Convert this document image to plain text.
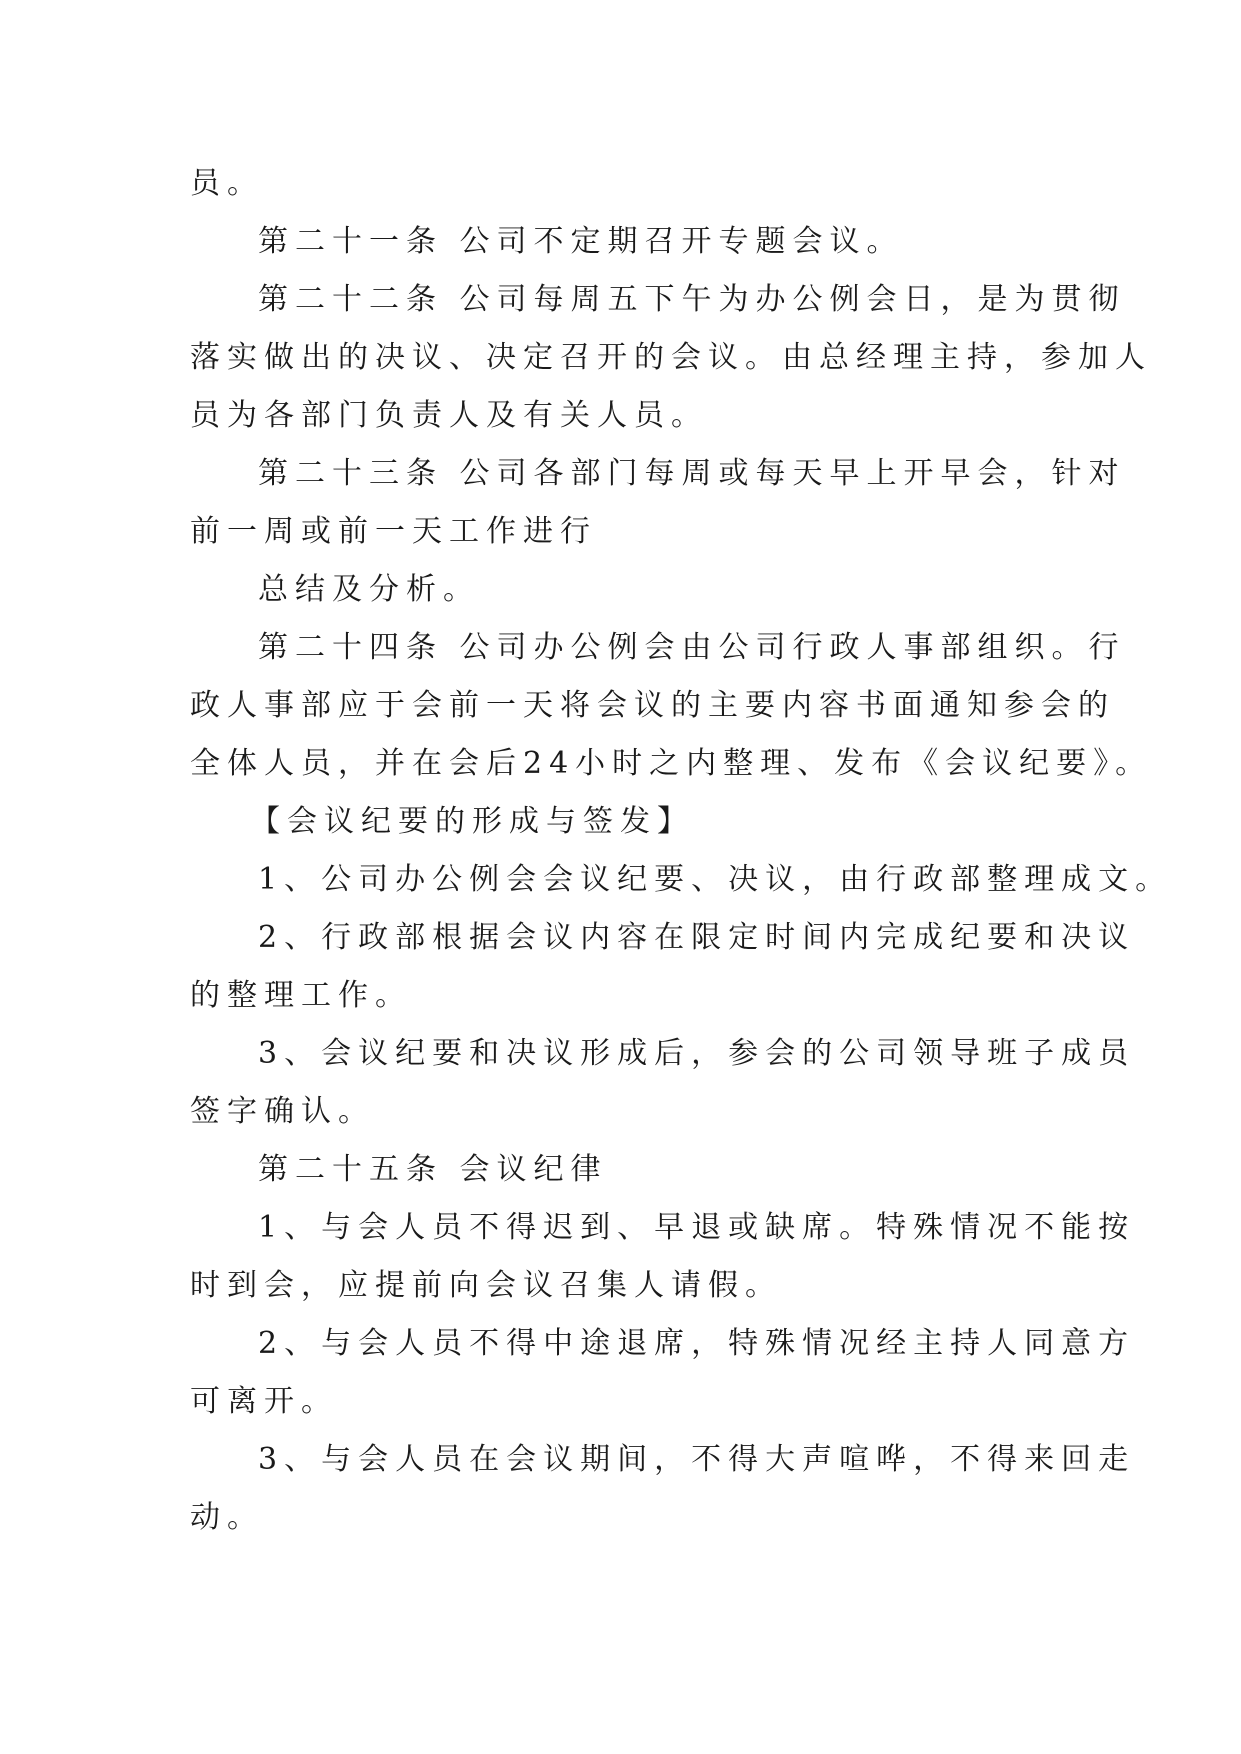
员。
第二十一条 公司不定期召开专题会议。
第二十二条 公司每周五下午为办公例会日，是为贯彻
落实做出的决议、决定召开的会议。由总经理主持，参加人
员为各部门负责人及有关人员。
第二十三条 公司各部门每周或每天早上开早会，针对
前一周或前一天工作进行
总结及分析。
第二十四条 公司办公例会由公司行政人事部组织。行
政人事部应于会前一天将会议的主要内容书面通知参会的
全体人员，并在会后24小时之内整理、发布《会议纪要》。
【会议纪要的形成与签发】
1、公司办公例会会议纪要、决议，由行政部整理成文。
2、行政部根据会议内容在限定时间内完成纪要和决议
的整理工作。
3、会议纪要和决议形成后，参会的公司领导班子成员
签字确认。
第二十五条 会议纪律
1、与会人员不得迟到、早退或缺席。特殊情况不能按
时到会，应提前向会议召集人请假。
2、与会人员不得中途退席，特殊情况经主持人同意方
可离开。
3、与会人员在会议期间，不得大声喧哗，不得来回走
动。
